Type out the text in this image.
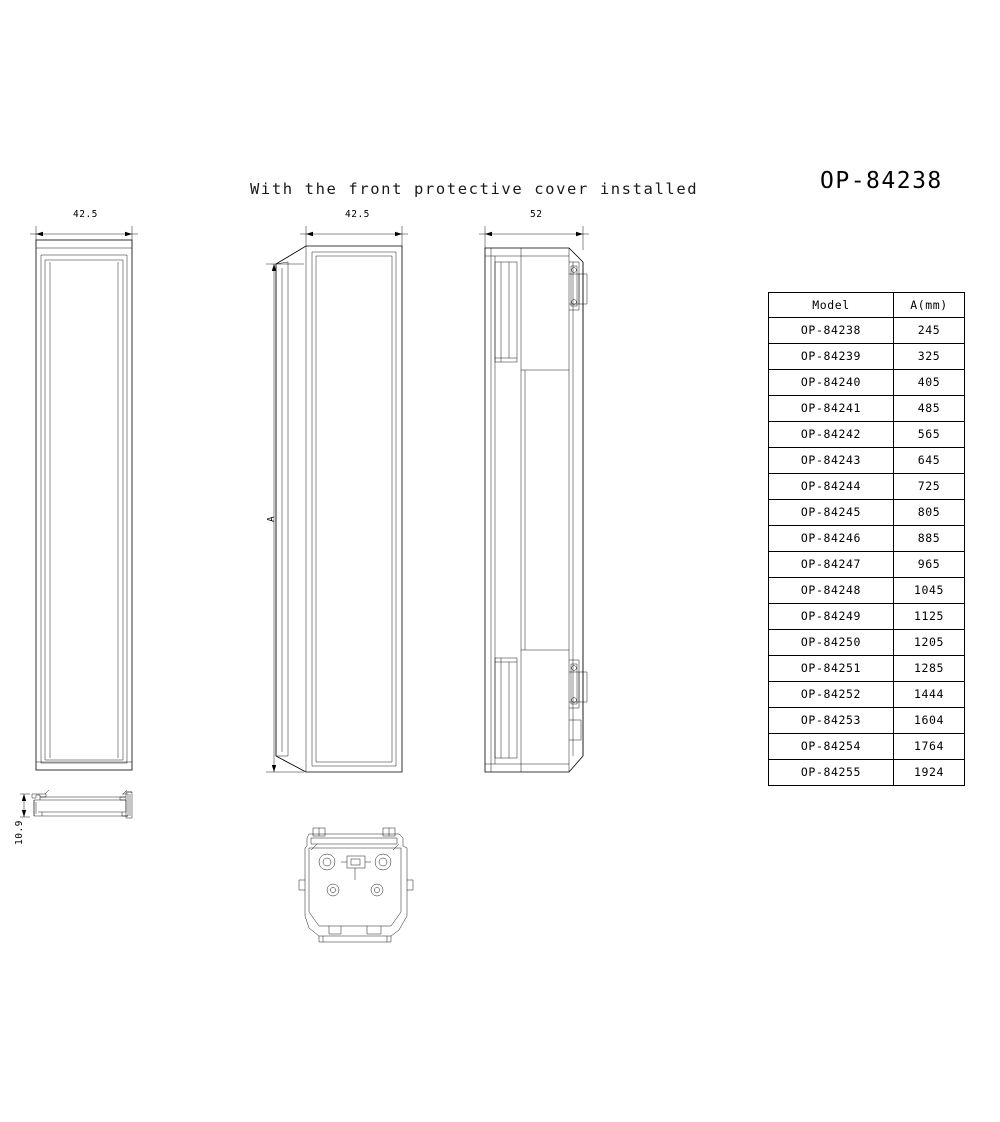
With the front protective cover installed	OP-84238
42.5
10.9
42.5
A
52
Model	A(mm)
OP-84238	245
OP-84239	325
OP-84240	405
OP-84241	485
OP-84242	565
OP-84243	645
OP-84244	725
OP-84245	805
OP-84246	885
OP-84247	965
OP-84248	1045
OP-84249	1125
OP-84250	1205
OP-84251	1285
OP-84252	1444
OP-84253	1604
OP-84254	1764
OP-84255	1924
